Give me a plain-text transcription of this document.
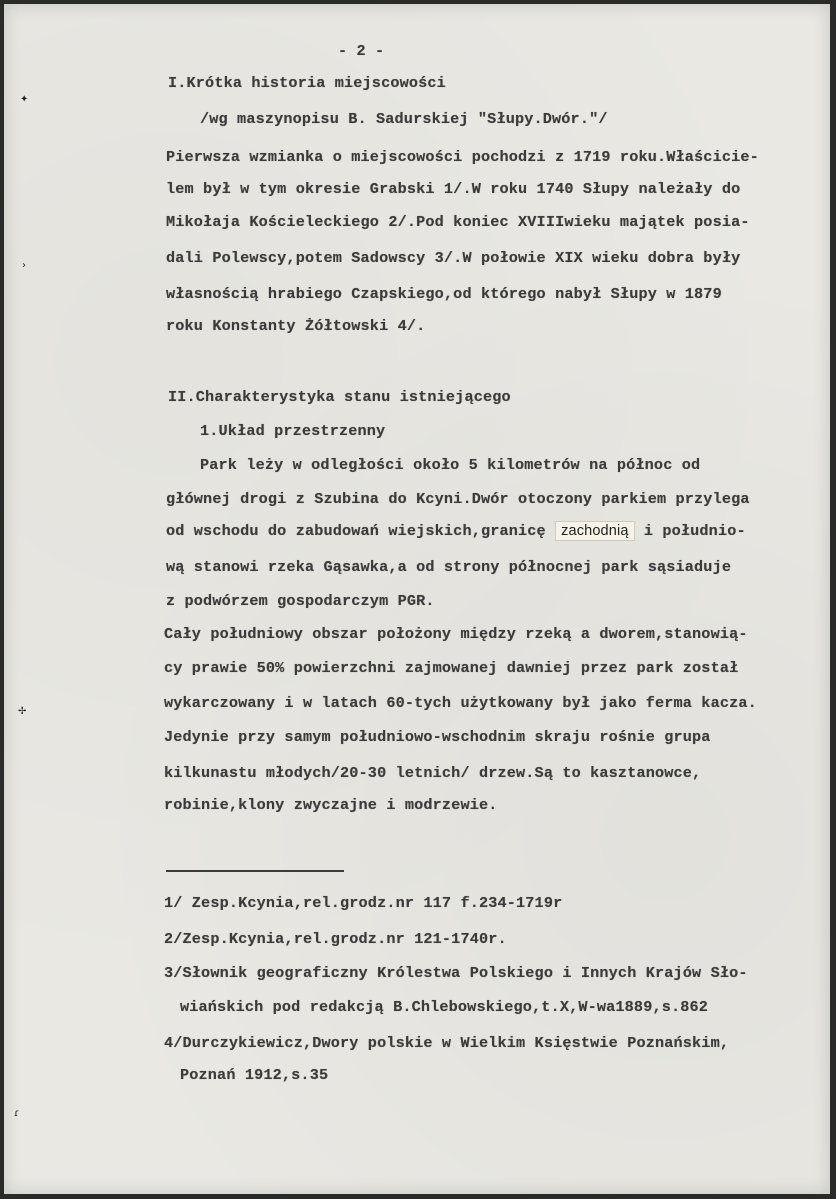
- 2 -
I.Krótka historia miejscowości
/wg maszynopisu B. Sadurskiej "Słupy.Dwór."/
Pierwsza wzmianka o miejscowości pochodzi z 1719 roku.Właściciе-
lem był w tym okresie Grabski 1/.W roku 1740 Słupy należały do
Mikołaja Kościeleckiego 2/.Pod koniec XVIIIwieku majątek posia-
dali Polewscy,potem Sadowscy 3/.W połowie XIX wieku dobra były
własnością hrabiego Czapskiego,od którego nabył Słupy w 1879
roku Konstanty Żółtowski 4/.
II.Charakterystyka stanu istniejącego
1.Układ przestrzenny
Park leży w odległości około 5 kilometrów na północ od
głównej drogi z Szubina do Kcyni.Dwór otoczony parkiem przylega
od wschodu do zabudowań wiejskich,granicę zachodnią i południo-
wą stanowi rzeka Gąsawka,a od strony północnej park sąsiaduje
z podwórzem gospodarczym PGR.
Cały południowy obszar położony między rzeką a dworem,stanowią-
cy prawie 50% powierzchni zajmowanej dawniej przez park został
wykarczowany i w latach 60-tych użytkowany był jako ferma kacza.
Jedynie przy samym południowo-wschodnim skraju rośnie grupa
kilkunastu młodych/20-30 letnich/ drzew.Są to kasztanowce,
robinie,klony zwyczajne i modrzewie.
1/ Zesp.Kcynia,rel.grodz.nr 117 f.234-1719r
2/Zesp.Kcynia,rel.grodz.nr 121-1740r.
3/Słownik geograficzny Królestwa Polskiego i Innych Krajów Sło-
wiańskich pod redakcją B.Chlebowskiego,t.X,W-wa1889,s.862
4/Durczykiewicz,Dwory polskie w Wielkim Księstwie Poznańskim,
Poznań 1912,s.35
✦
›
✢
ɾ
